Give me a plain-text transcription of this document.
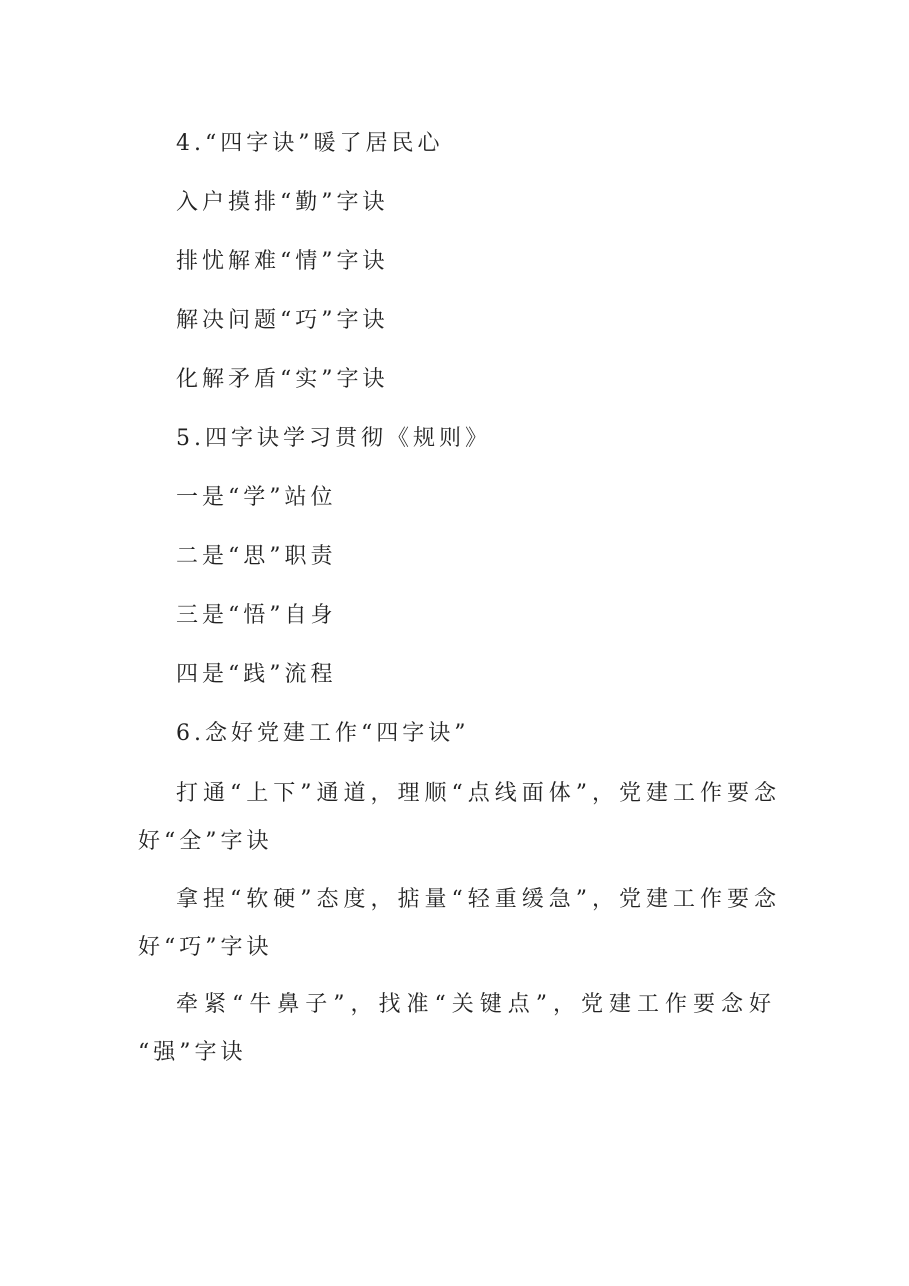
4.“四字诀”暖了居民心
入户摸排“勤”字诀
排忧解难“情”字诀
解决问题“巧”字诀
化解矛盾“实”字诀
5.四字诀学习贯彻《规则》
一是“学”站位
二是“思”职责
三是“悟”自身
四是“践”流程
6.念好党建工作“四字诀”
打通“上下”通道，理顺“点线面体”，党建工作要念
好“全”字诀
拿捏“软硬”态度，掂量“轻重缓急”，党建工作要念
好“巧”字诀
牵紧“牛鼻子”，找准“关键点”，党建工作要念好
“强”字诀
